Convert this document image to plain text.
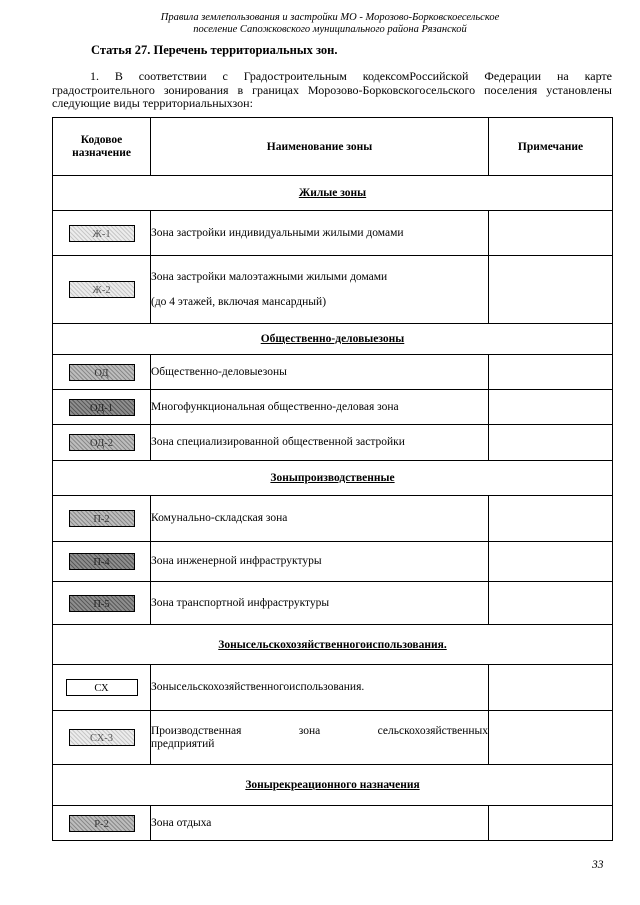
Правила землепользования и застройки МО - Морозово-Борковскоесельское
поселение Сапожковского муниципального района Рязанской
Статья 27. Перечень территориальных зон.
1. В соответствии с Градостроительным кодексомРоссийской Федерации на карте градостроительного зонирования в границах Морозово-Борковскогосельского поселения установлены следующие виды территориальныхзон:
Кодовое
назначение	Наименование зоны	Примечание
Жилые зоны		
Ж-1	Зона застройки индивидуальными жилыми домами	
Ж-2	Зона застройки малоэтажными жилыми домами
(до 4 этажей, включая мансардный)	

Общественно-деловыезоны		
ОД	Общественно-деловыезоны	
ОД-1	Многофункциональная общественно-деловая зона	
ОД-2	Зона специализированной общественной застройки	
Зоныпроизводственные		
П-2	Комунально-складская зона	
П-4	Зона инженерной инфраструктуры	
П-5	Зона транспортной инфраструктуры	
Зонысельскохозяйственногоиспользования.		
СХ	Зонысельскохозяйственногоиспользования.	
СХ-3	Производственная зона сельскохозяйственных
предприятий	

Зонырекреационного назначения		
Р-2	Зона отдыха	
33
